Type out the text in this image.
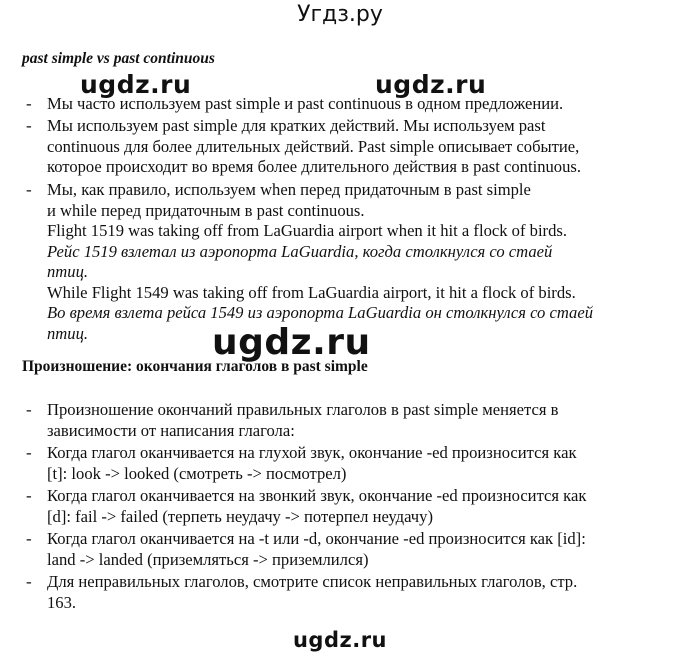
Угдз.ру
past simple vs past continuous
ugdz.ru	ugdz.ru
- Мы часто используем past simple и past continuous в одном предложении.
- Мы используем past simple для кратких действий. Мы используем past
continuous для более длительных действий. Past simple описывает событие,
которое происходит во время более длительного действия в past continuous.
- Мы, как правило, используем when перед придаточным в past simple
и while перед придаточным в past continuous.
Flight 1519 was taking off from LaGuardia airport when it hit a flock of birds.
Рейс 1519 взлетал из аэропорта LaGuardia, когда столкнулся со стаей
птиц.
While Flight 1549 was taking off from LaGuardia airport, it hit a flock of birds.
Во время взлета рейса 1549 из аэропорта LaGuardia он столкнулся со стаей
птиц.	ugdz.ru
Произношение: окончания глаголов в past simple
- Произношение окончаний правильных глаголов в past simple меняется в
зависимости от написания глагола:
- Когда глагол оканчивается на глухой звук, окончание -ed произносится как
[t]: look -> looked (смотреть -> посмотрел)
- Когда глагол оканчивается на звонкий звук, окончание -ed произносится как
[d]: fail -> failed (терпеть неудачу -> потерпел неудачу)
- Когда глагол оканчивается на -t или -d, окончание -ed произносится как [id]:
land -> landed (приземляться -> приземлился)
- Для неправильных глаголов, смотрите список неправильных глаголов, стр.
163.
ugdz.ru
